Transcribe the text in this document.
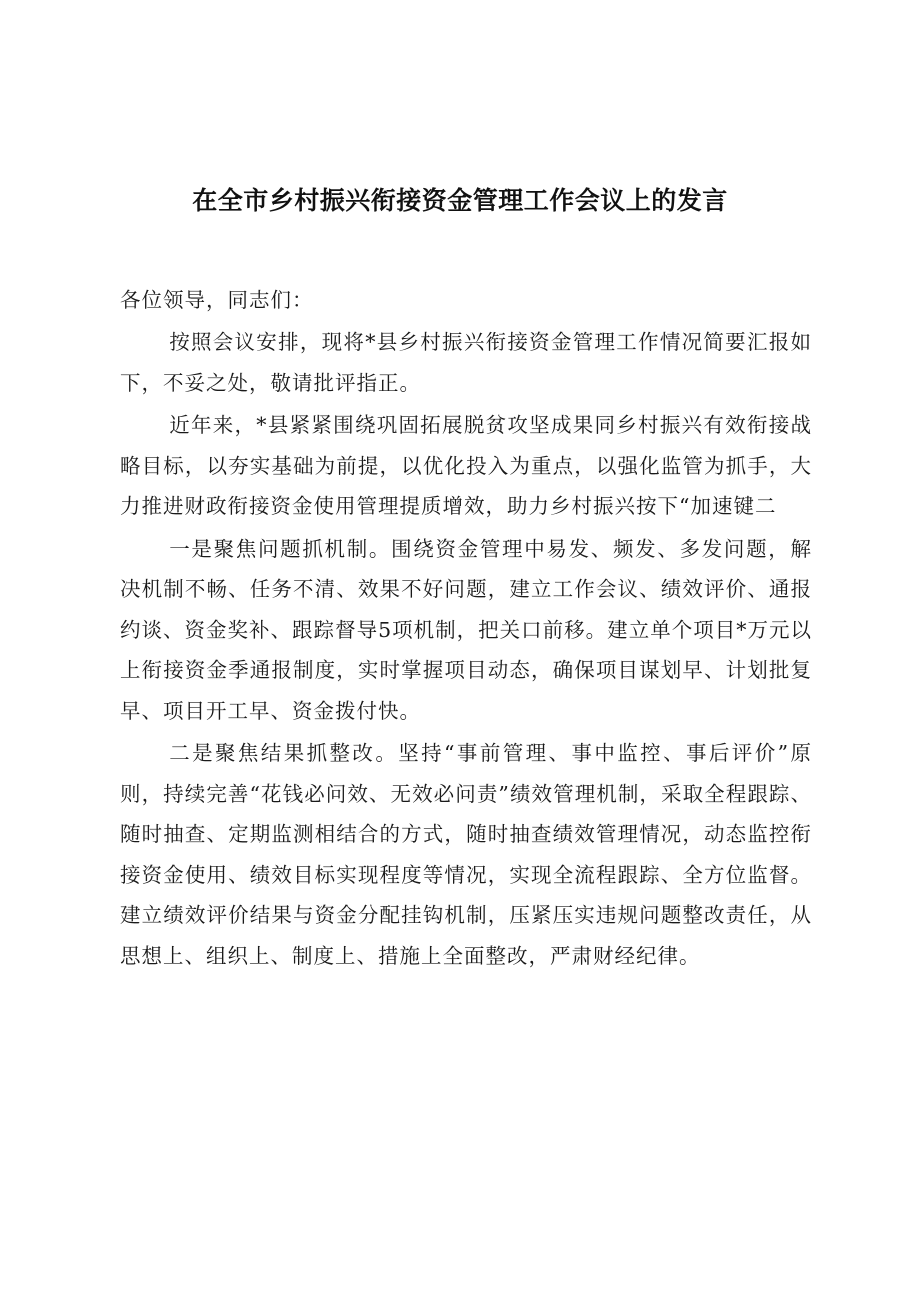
在全市乡村振兴衔接资金管理工作会议上的发言

各位领导，同志们：

按照会议安排，现将*县乡村振兴衔接资金管理工作情况简要汇报如下，不妥之处，敬请批评指正。

近年来，*县紧紧围绕巩固拓展脱贫攻坚成果同乡村振兴有效衔接战略目标，以夯实基础为前提，以优化投入为重点，以强化监管为抓手，大力推进财政衔接资金使用管理提质增效，助力乡村振兴按下“加速键二

一是聚焦问题抓机制。围绕资金管理中易发、频发、多发问题，解决机制不畅、任务不清、效果不好问题，建立工作会议、绩效评价、通报约谈、资金奖补、跟踪督导5项机制，把关口前移。建立单个项目*万元以上衔接资金季通报制度，实时掌握项目动态，确保项目谋划早、计划批复早、项目开工早、资金拨付快。

二是聚焦结果抓整改。坚持“事前管理、事中监控、事后评价”原则，持续完善“花钱必问效、无效必问责”绩效管理机制，采取全程跟踪、随时抽查、定期监测相结合的方式，随时抽查绩效管理情况，动态监控衔接资金使用、绩效目标实现程度等情况，实现全流程跟踪、全方位监督。建立绩效评价结果与资金分配挂钩机制，压紧压实违规问题整改责任，从思想上、组织上、制度上、措施上全面整改，严肃财经纪律。
